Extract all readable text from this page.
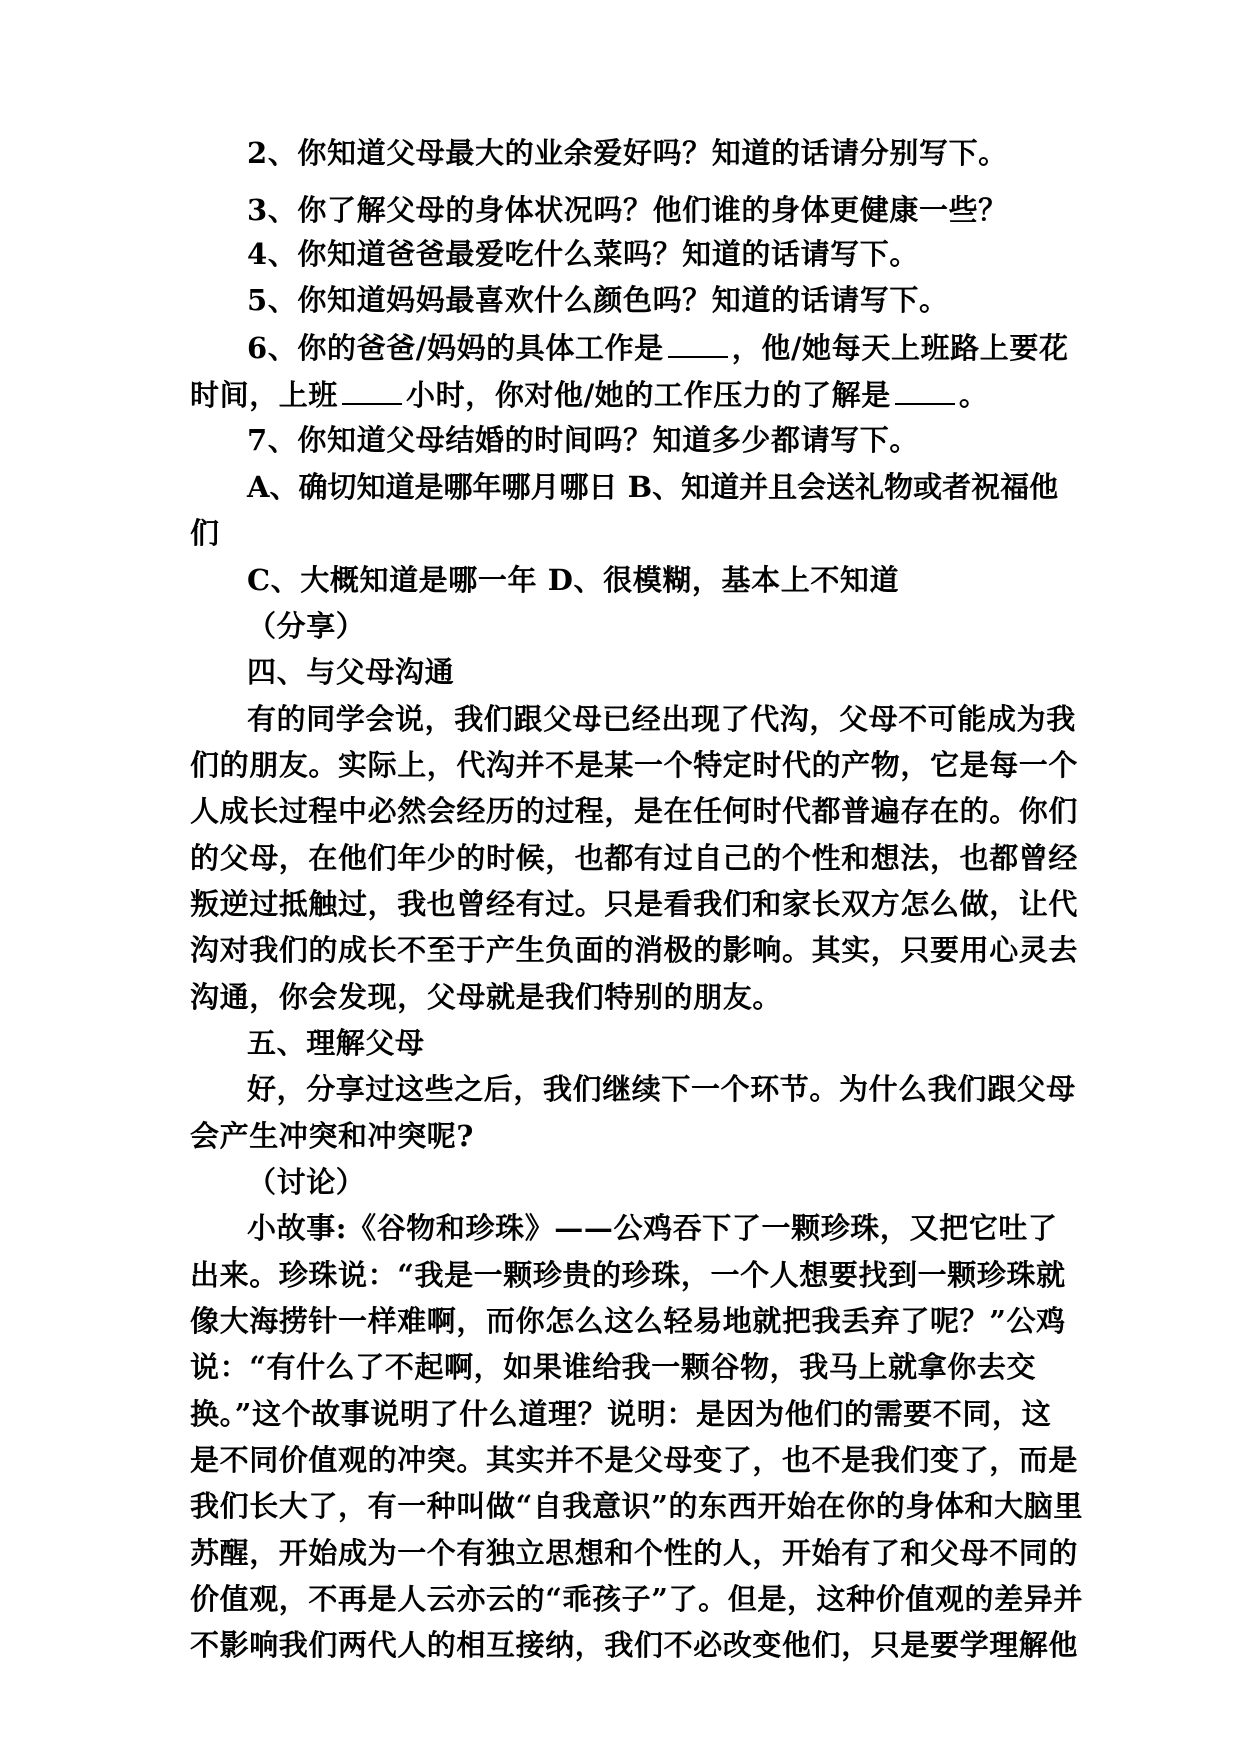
2、你知道父母最大的业余爱好吗？知道的话请分别写下。
3、你了解父母的身体状况吗？他们谁的身体更健康一些？
4、你知道爸爸最爱吃什么菜吗？知道的话请写下。
5、你知道妈妈最喜欢什么颜色吗？知道的话请写下。
6、你的爸爸/妈妈的具体工作是 ，他/她每天上班路上要花
时间，上班 小时，你对他/她的工作压力的了解是 。
7、你知道父母结婚的时间吗？知道多少都请写下。
A、确切知道是哪年哪月哪日 B、知道并且会送礼物或者祝福他
们
C、大概知道是哪一年 D、很模糊，基本上不知道
（分享）
四、与父母沟通
有的同学会说，我们跟父母已经出现了代沟，父母不可能成为我
们的朋友。实际上，代沟并不是某一个特定时代的产物，它是每一个
人成长过程中必然会经历的过程，是在任何时代都普遍存在的。你们
的父母，在他们年少的时候，也都有过自己的个性和想法，也都曾经
叛逆过抵触过，我也曾经有过。只是看我们和家长双方怎么做，让代
沟对我们的成长不至于产生负面的消极的影响。其实，只要用心灵去
沟通，你会发现，父母就是我们特别的朋友。
五、理解父母
好，分享过这些之后，我们继续下一个环节。为什么我们跟父母
会产生冲突和冲突呢?
（讨论）
小故事:《谷物和珍珠》——公鸡吞下了一颗珍珠，又把它吐了
出来。珍珠说：“我是一颗珍贵的珍珠，一个人想要找到一颗珍珠就
像大海捞针一样难啊，而你怎么这么轻易地就把我丢弃了呢？”公鸡
说：“有什么了不起啊，如果谁给我一颗谷物，我马上就拿你去交
换。”这个故事说明了什么道理？说明：是因为他们的需要不同，这
是不同价值观的冲突。其实并不是父母变了，也不是我们变了，而是
我们长大了，有一种叫做“自我意识”的东西开始在你的身体和大脑里
苏醒，开始成为一个有独立思想和个性的人，开始有了和父母不同的
价值观，不再是人云亦云的“乖孩子”了。但是，这种价值观的差异并
不影响我们两代人的相互接纳，我们不必改变他们，只是要学理解他
